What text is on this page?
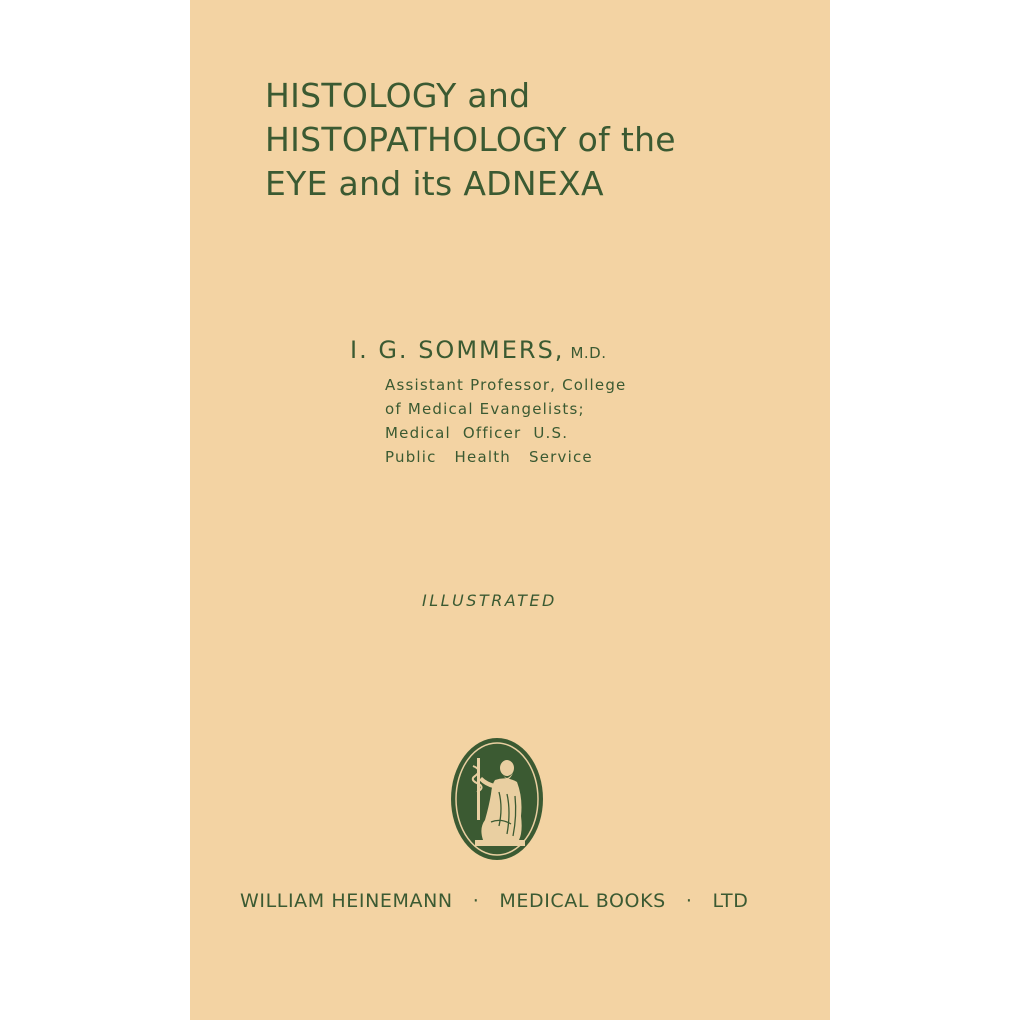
HISTOLOGY and
HISTOPATHOLOGY of the
EYE and its ADNEXA
I. G. SOMMERS, M.D.
Assistant Professor, College
of Medical Evangelists;
Medical Officer U.S.
Public Health Service
ILLUSTRATED
WILLIAM HEINEMANN · MEDICAL BOOKS · LTD
